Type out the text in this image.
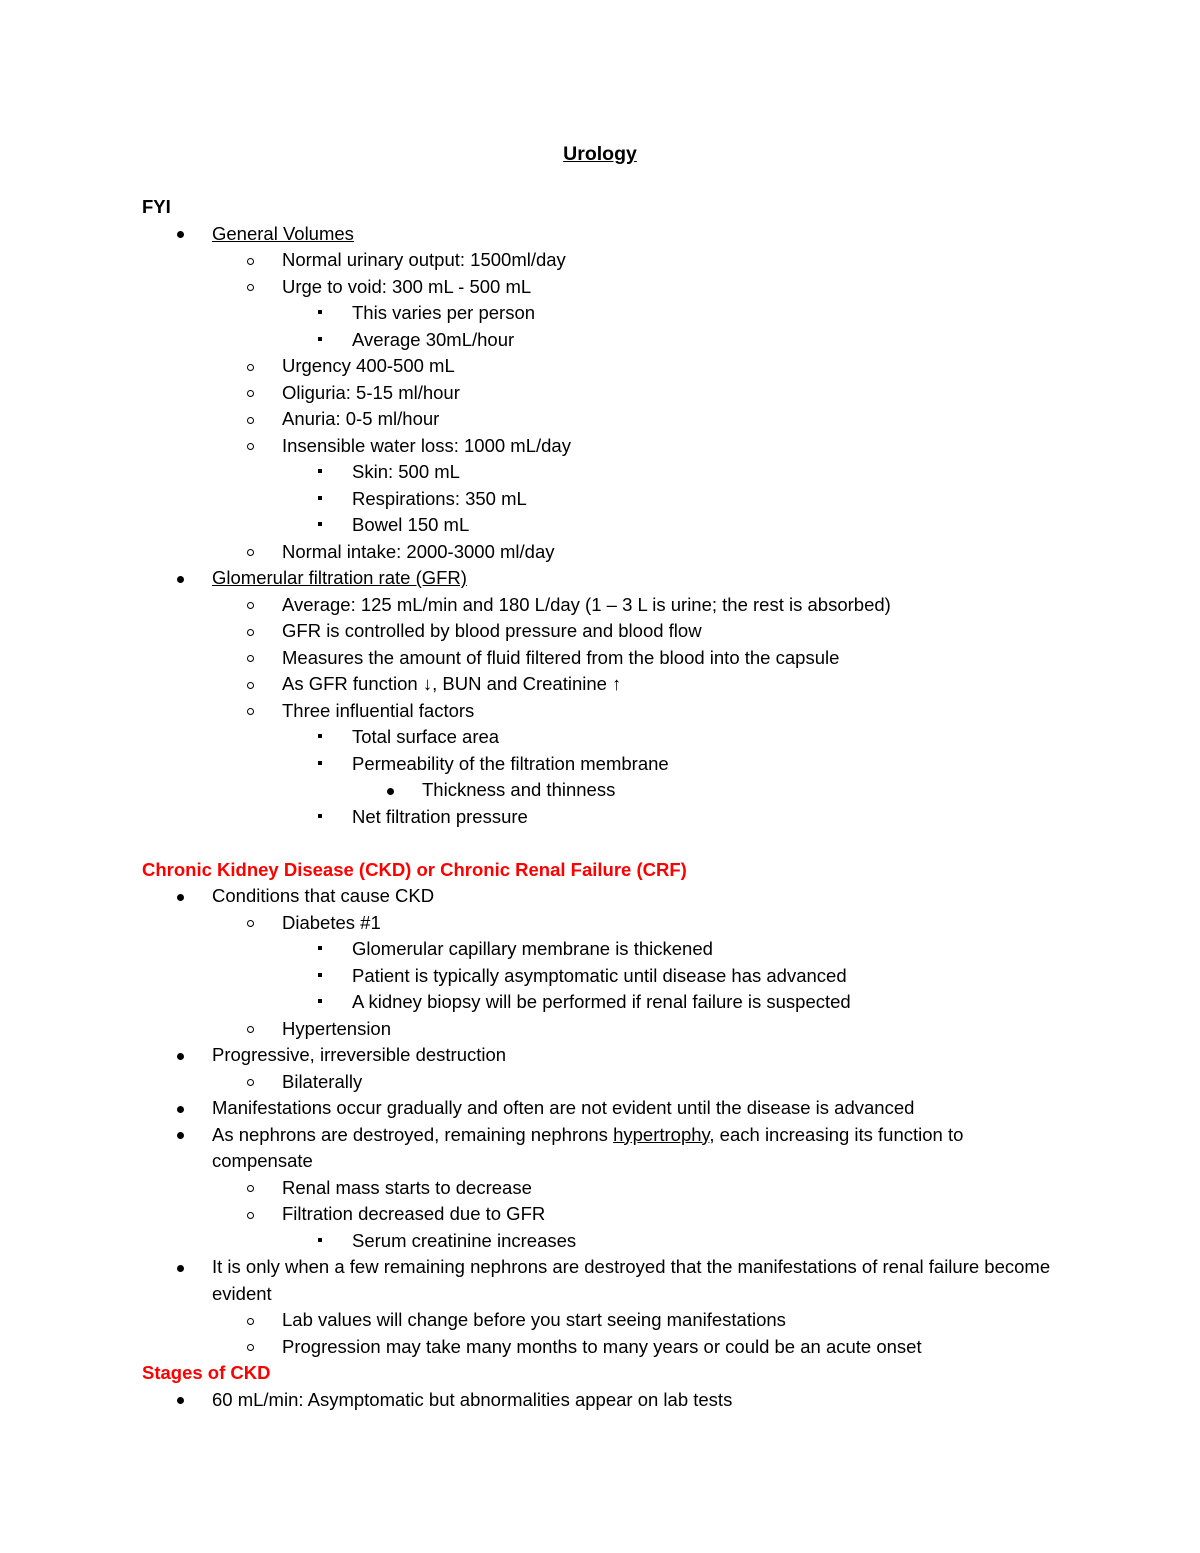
Urology
FYI
General Volumes
Normal urinary output: 1500ml/day
Urge to void: 300 mL - 500 mL
This varies per person
Average 30mL/hour
Urgency 400-500 mL
Oliguria: 5-15 ml/hour
Anuria: 0-5 ml/hour
Insensible water loss: 1000 mL/day
Skin: 500 mL
Respirations: 350 mL
Bowel 150 mL
Normal intake: 2000-3000 ml/day
Glomerular filtration rate (GFR)
Average: 125 mL/min and 180 L/day (1 – 3 L is urine; the rest is absorbed)
GFR is controlled by blood pressure and blood flow
Measures the amount of fluid filtered from the blood into the capsule
As GFR function ↓, BUN and Creatinine ↑
Three influential factors
Total surface area
Permeability of the filtration membrane
Thickness and thinness
Net filtration pressure
Chronic Kidney Disease (CKD) or Chronic Renal Failure (CRF)
Conditions that cause CKD
Diabetes #1
Glomerular capillary membrane is thickened
Patient is typically asymptomatic until disease has advanced
A kidney biopsy will be performed if renal failure is suspected
Hypertension
Progressive, irreversible destruction
Bilaterally
Manifestations occur gradually and often are not evident until the disease is advanced
As nephrons are destroyed, remaining nephrons hypertrophy, each increasing its function to compensate
Renal mass starts to decrease
Filtration decreased due to GFR
Serum creatinine increases
It is only when a few remaining nephrons are destroyed that the manifestations of renal failure become evident
Lab values will change before you start seeing manifestations
Progression may take many months to many years or could be an acute onset
Stages of CKD
60 mL/min: Asymptomatic but abnormalities appear on lab tests
